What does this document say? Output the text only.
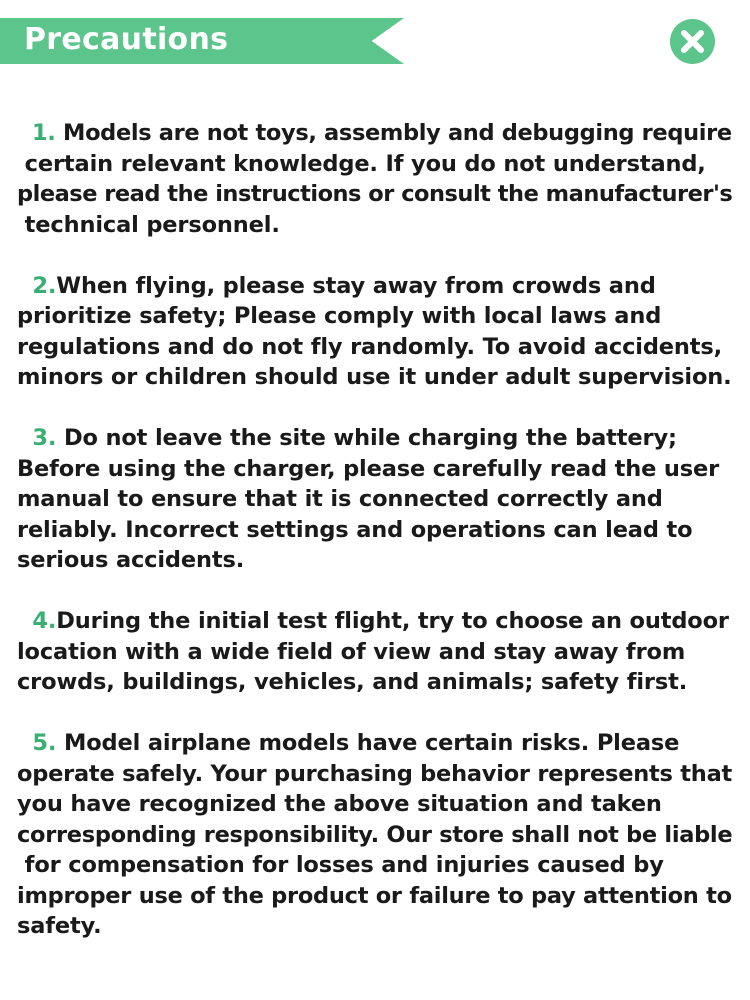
Precautions
1. Models are not toys, assembly and debugging require
certain relevant knowledge. If you do not understand,
please read the instructions or consult the manufacturer's
technical personnel.
2.When flying, please stay away from crowds and
prioritize safety; Please comply with local laws and
regulations and do not fly randomly. To avoid accidents,
minors or children should use it under adult supervision.
3. Do not leave the site while charging the battery;
Before using the charger, please carefully read the user
manual to ensure that it is connected correctly and
reliably. Incorrect settings and operations can lead to
serious accidents.
4.During the initial test flight, try to choose an outdoor
location with a wide field of view and stay away from
crowds, buildings, vehicles, and animals; safety first.
5. Model airplane models have certain risks. Please
operate safely. Your purchasing behavior represents that
you have recognized the above situation and taken
corresponding responsibility. Our store shall not be liable
for compensation for losses and injuries caused by
improper use of the product or failure to pay attention to
safety.
